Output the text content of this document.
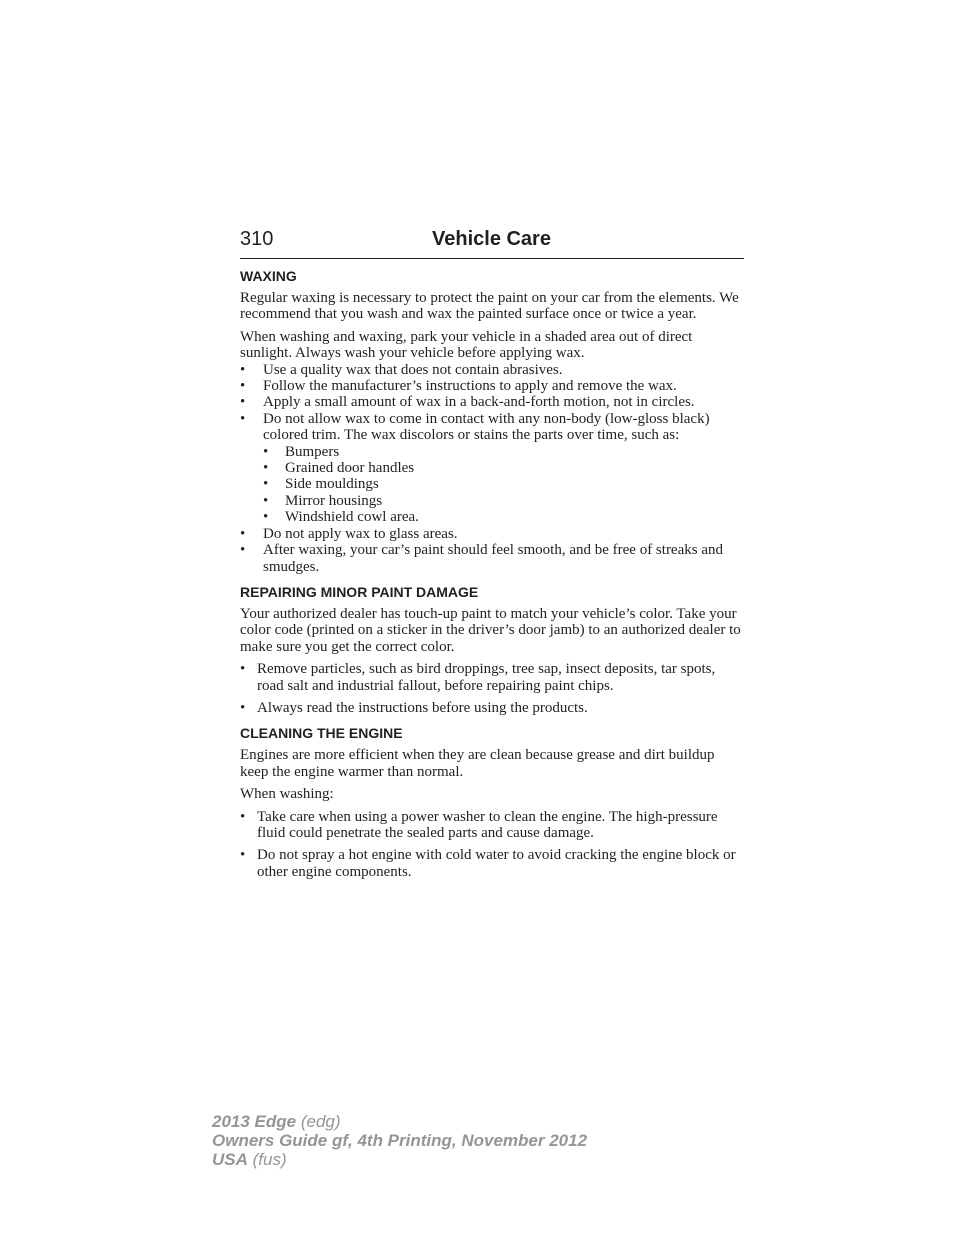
310	Vehicle Care
WAXING

Regular waxing is necessary to protect the paint on your car from the elements. We recommend that you wash and wax the painted surface once or twice a year.

When washing and waxing, park your vehicle in a shaded area out of direct sunlight. Always wash your vehicle before applying wax.

• Use a quality wax that does not contain abrasives.
• Follow the manufacturer’s instructions to apply and remove the wax.
• Apply a small amount of wax in a back-and-forth motion, not in circles.
• Do not allow wax to come in contact with any non-body (low-gloss black) colored trim. The wax discolors or stains the parts over time, such as:
• Bumpers
• Grained door handles
• Side mouldings
• Mirror housings
• Windshield cowl area.
• Do not apply wax to glass areas.
• After waxing, your car’s paint should feel smooth, and be free of streaks and smudges.
REPAIRING MINOR PAINT DAMAGE

Your authorized dealer has touch-up paint to match your vehicle’s color. Take your color code (printed on a sticker in the driver’s door jamb) to an authorized dealer to make sure you get the correct color.

• Remove particles, such as bird droppings, tree sap, insect deposits, tar spots, road salt and industrial fallout, before repairing paint chips.
• Always read the instructions before using the products.
CLEANING THE ENGINE

Engines are more efficient when they are clean because grease and dirt buildup keep the engine warmer than normal.

When washing:

• Take care when using a power washer to clean the engine. The high-pressure fluid could penetrate the sealed parts and cause damage.
• Do not spray a hot engine with cold water to avoid cracking the engine block or other engine components.
2013 Edge (edg)
Owners Guide gf, 4th Printing, November 2012
USA (fus)
